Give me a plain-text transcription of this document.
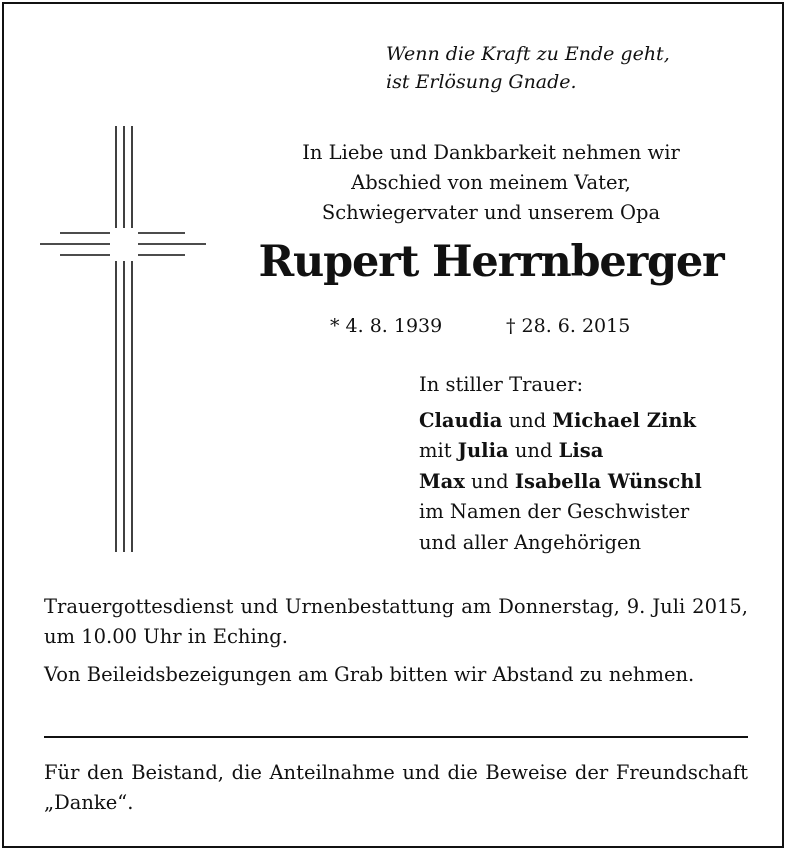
Wenn die Kraft zu Ende geht,
ist Erlösung Gnade.
In Liebe und Dankbarkeit nehmen wir
Abschied von meinem Vater,
Schwiegervater und unserem Opa
Rupert Herrnberger
* 4. 8. 1939	† 28. 6. 2015
In stiller Trauer:
Claudia und Michael Zink
mit Julia und Lisa
Max und Isabella Wünschl
im Namen der Geschwister
und aller Angehörigen
Trauergottesdienst und Urnenbestattung am Donnerstag, 9. Juli 2015, um 10.00 Uhr in Eching.
Von Beileidsbezeigungen am Grab bitten wir Abstand zu nehmen.
Für den Beistand, die Anteilnahme und die Beweise der Freundschaft „Danke“.
